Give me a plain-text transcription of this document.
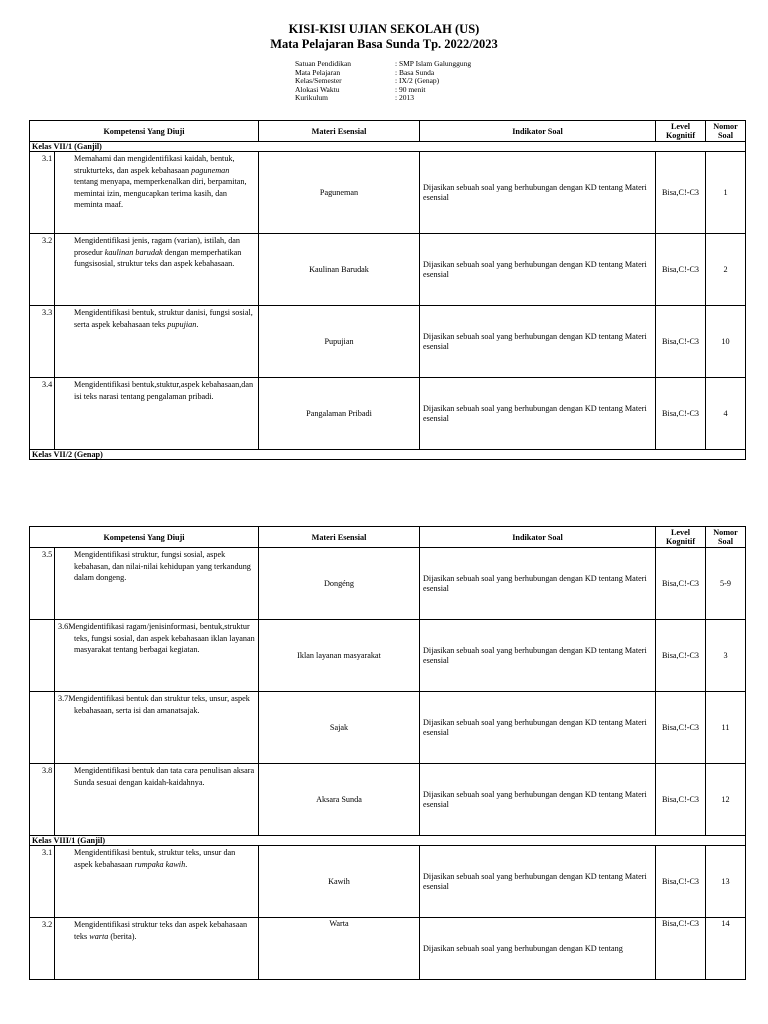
KISI-KISI UJIAN SEKOLAH (US)
Mata Pelajaran Basa Sunda Tp. 2022/2023
Satuan Pendidikan	: SMP Islam Galunggung
Mata Pelajaran	: Basa Sunda
Kelas/Semester	: IX/2 (Genap)
Alokasi Waktu	: 90 menit
Kurikulum	: 2013
Kompetensi Yang Diuji		Materi Esensial	Indikator Soal	Level Kognitif	Nomor Soal
Kelas VII/1 (Ganjil)					

	3.1 Memahami dan mengidentifikasi kaidah, bentuk, strukturteks, dan aspek kebahasaan paguneman tentang menyapa, memperkenalkan diri, berpamitan, memintai izin, mengucapkan terima kasih, dan meminta maaf.	Paguneman	Dijasikan sebuah soal yang berhubungan dengan KD tentang Materi esensial	Bisa,C!-C3	1

	3.2 Mengidentifikasi jenis, ragam (varian), istilah, dan prosedur kaulinan barudak dengan memperhatikan fungsisosial, struktur teks dan aspek kebahasaan.	Kaulinan Barudak	Dijasikan sebuah soal yang berhubungan dengan KD tentang Materi esensial	Bisa,C!-C3	2

	3.3 Mengidentifikasi bentuk, struktur danisi, fungsi sosial, serta aspek kebahasaan teks pupujian.	Pupujian	Dijasikan sebuah soal yang berhubungan dengan KD tentang Materi esensial	Bisa,C!-C3	10

	3.4 Mengidentifikasi bentuk,stuktur,aspek kebahasaan,dan isi teks narasi tentang pengalaman pribadi.	Pangalaman Pribadi	Dijasikan sebuah soal yang berhubungan dengan KD tentang Materi esensial	Bisa,C!-C3	4
Kelas VII/2 (Genap)					
Kompetensi Yang Diuji		Materi Esensial	Indikator Soal	Level Kognitif	Nomor Soal

	3.5 Mengidentifikasi struktur, fungsi sosial, aspek kebahasan, dan nilai-nilai kehidupan yang terkandung dalam dongeng.	Dongéng	Dijasikan sebuah soal yang berhubungan dengan KD tentang Materi esensial	Bisa,C!-C3	5-9

	3.6Mengidentifikasi ragam/jenisinformasi, bentuk,struktur teks, fungsi sosial, dan aspek kebahasaan iklan layanan masyarakat tentang berbagai kegiatan.	Iklan layanan masyarakat	Dijasikan sebuah soal yang berhubungan dengan KD tentang Materi esensial	Bisa,C!-C3	3

	3.7Mengidentifikasi bentuk dan struktur teks, unsur, aspek kebahasaan, serta isi dan amanatsajak.	Sajak	Dijasikan sebuah soal yang berhubungan dengan KD tentang Materi esensial	Bisa,C!-C3	11

	3.8 Mengidentifikasi bentuk dan tata cara penulisan aksara Sunda sesuai dengan kaidah-kaidahnya.	Aksara Sunda	Dijasikan sebuah soal yang berhubungan dengan KD tentang Materi esensial	Bisa,C!-C3	12
Kelas VIII/1 (Ganjil)					

	3.1 Mengidentifikasi bentuk, struktur teks, unsur dan aspek kebahasaan rumpaka kawih.	Kawih	Dijasikan sebuah soal yang berhubungan dengan KD tentang Materi esensial	Bisa,C!-C3	13

	3.2 Mengidentifikasi struktur teks dan aspek kebahasaan teks warta (berita).	Warta	Dijasikan sebuah soal yang berhubungan dengan KD tentang	Bisa,C!-C3	14
